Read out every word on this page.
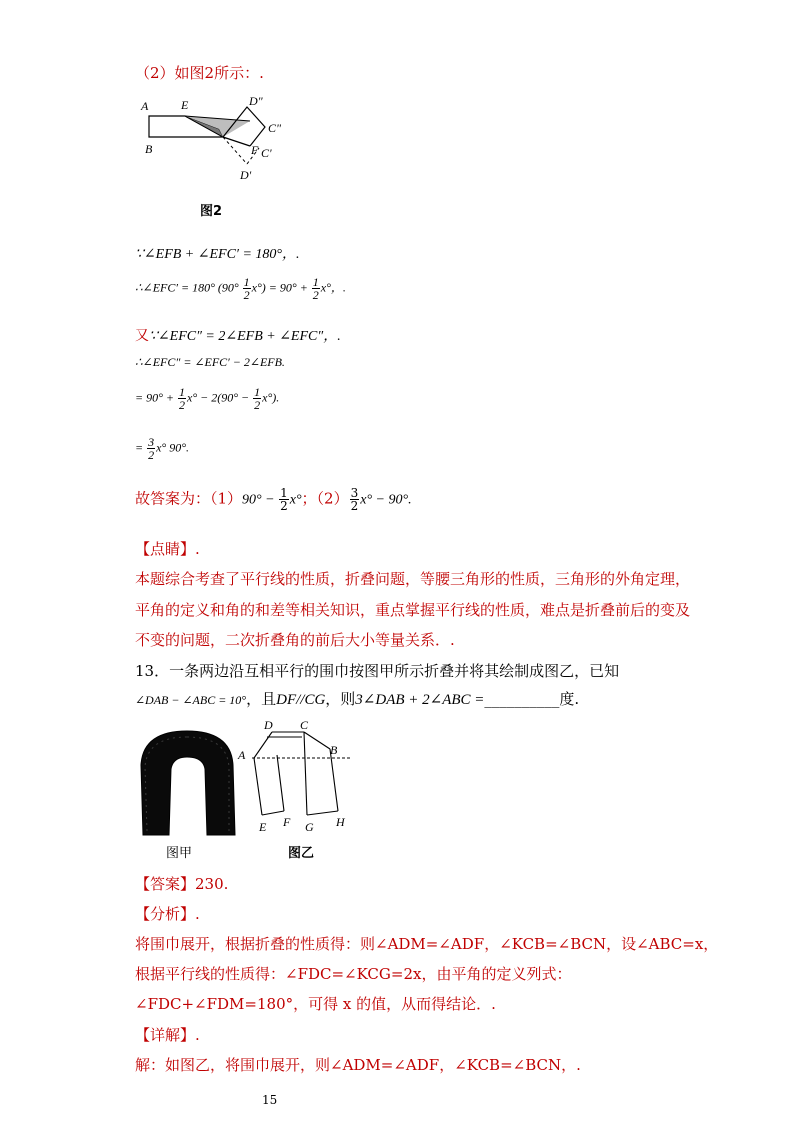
（2）如图2所示：.
A	E
B
D"
C"
F C'
D'
图2
∵∠EFB + ∠EFC′ = 180°，.
∴∠EFC′ = 180° $(90^\circ \frac{1}{2} x^\circ) = 90^\circ + \frac{1}{2} x^\circ$，.
又∵∠EFC″ = 2∠EFB + ∠EFC″，.
∴∠EFC″ = ∠EFC′ − 2∠EFB.
= $90^\circ + \frac{1}{2} x^\circ - 2(90^\circ - \frac{1}{2} x^\circ)$.
= $\frac{3}{2} x^\circ$ 90°.
故答案为：$(1)90^\circ - \frac{1}{2} x^\circ$；$(2) \frac{3}{2} x^\circ - 90^\circ$.
【点睛】.
本题综合考查了平行线的性质，折叠问题，等腰三角形的性质，三角形的外角定理，
平角的定义和角的和差等相关知识，重点掌握平行线的性质，难点是折叠前后的变及
不变的问题，二次折叠角的前后大小等量关系．.
13．一条两边沿互相平行的围巾按图甲所示折叠并将其绘制成图乙，已知
∠DAB − ∠ABC = 10°，且DF//CG，则3∠DAB + 2∠ABC =__________度.
图甲
D C
A	B
E F G H
图乙
【答案】230.
【分析】.
将围巾展开，根据折叠的性质得：则∠ADM=∠ADF，∠KCB=∠BCN，设∠ABC=x，
根据平行线的性质得：∠FDC=∠KCG=2x，由平角的定义列式：
∠FDC+∠FDM=180°，可得 x 的值，从而得结论．.
【详解】.
解：如图乙，将围巾展开，则∠ADM=∠ADF，∠KCB=∠BCN，.
15
